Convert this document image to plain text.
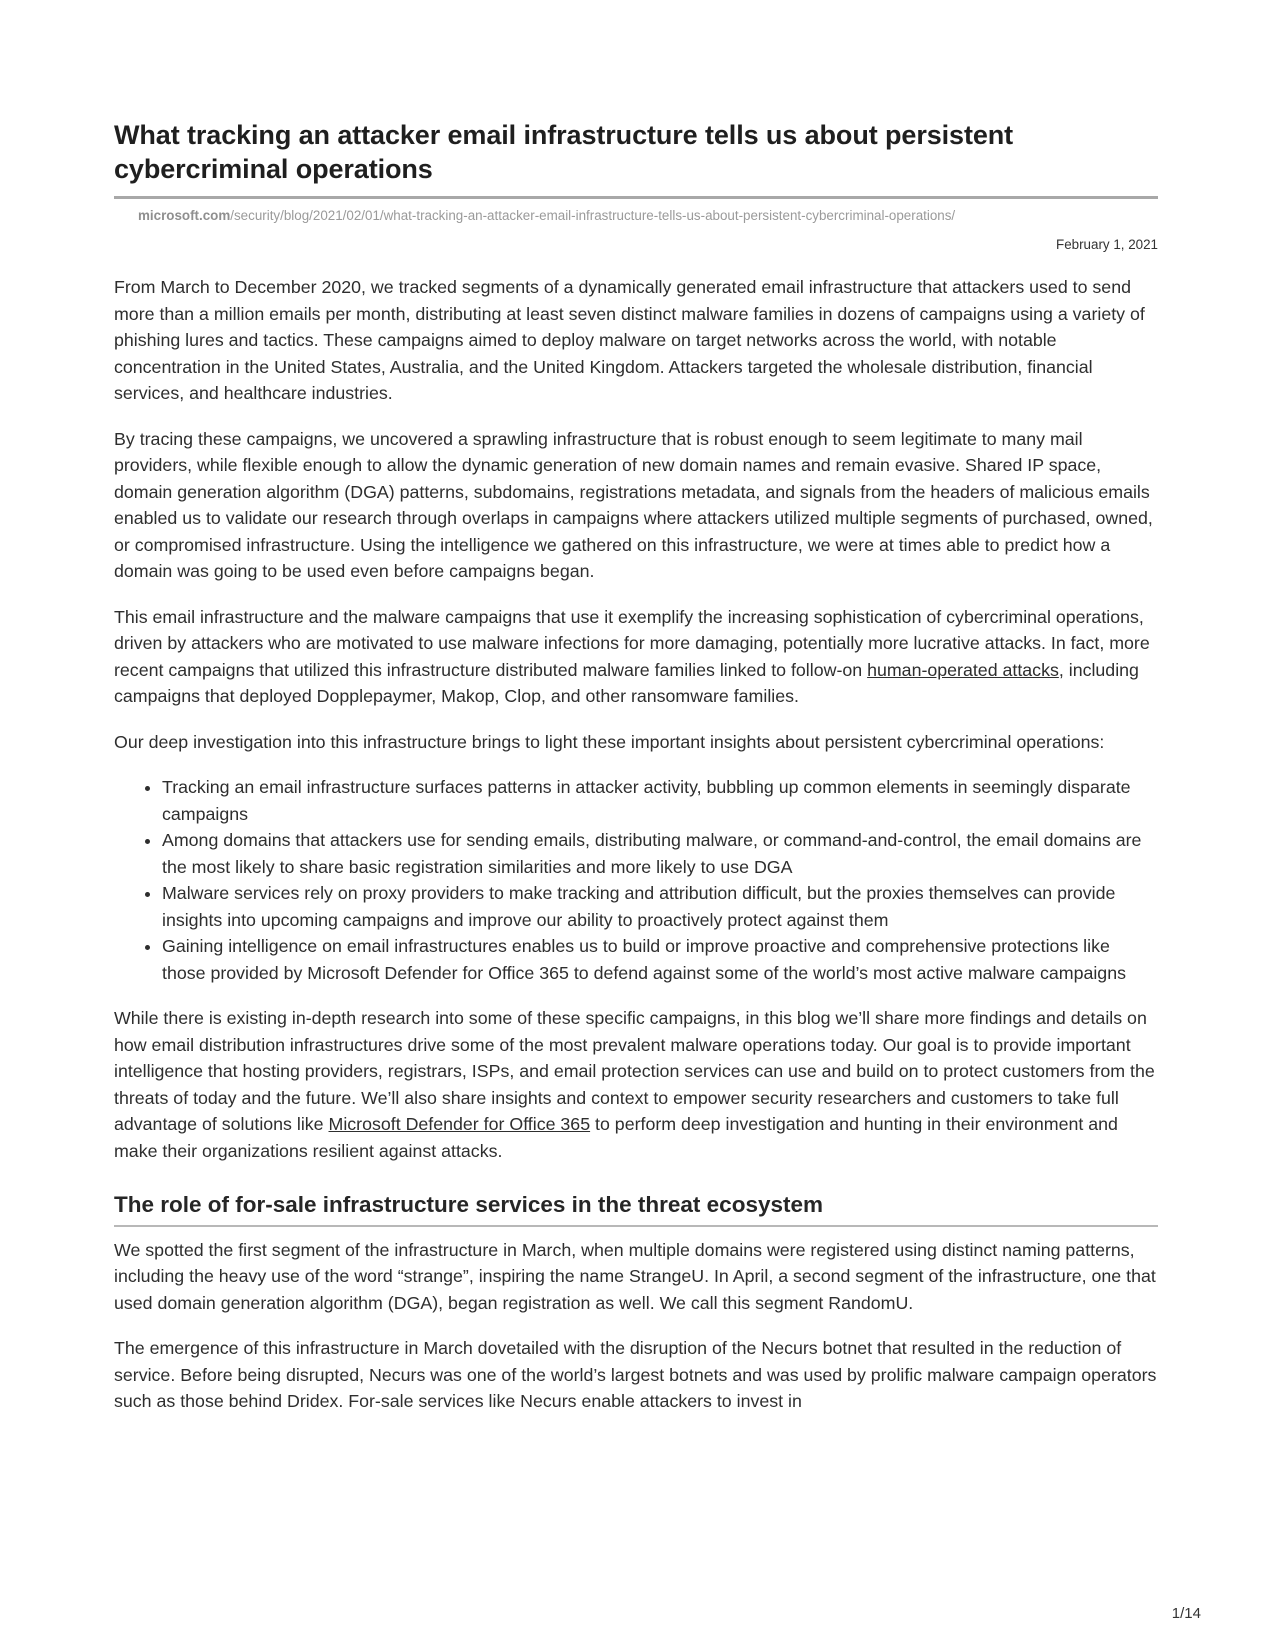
What tracking an attacker email infrastructure tells us about persistent cybercriminal operations
microsoft.com/security/blog/2021/02/01/what-tracking-an-attacker-email-infrastructure-tells-us-about-persistent-cybercriminal-operations/
February 1, 2021

From March to December 2020, we tracked segments of a dynamically generated email infrastructure that attackers used to send more than a million emails per month, distributing at least seven distinct malware families in dozens of campaigns using a variety of phishing lures and tactics. These campaigns aimed to deploy malware on target networks across the world, with notable concentration in the United States, Australia, and the United Kingdom. Attackers targeted the wholesale distribution, financial services, and healthcare industries.

By tracing these campaigns, we uncovered a sprawling infrastructure that is robust enough to seem legitimate to many mail providers, while flexible enough to allow the dynamic generation of new domain names and remain evasive. Shared IP space, domain generation algorithm (DGA) patterns, subdomains, registrations metadata, and signals from the headers of malicious emails enabled us to validate our research through overlaps in campaigns where attackers utilized multiple segments of purchased, owned, or compromised infrastructure. Using the intelligence we gathered on this infrastructure, we were at times able to predict how a domain was going to be used even before campaigns began.

This email infrastructure and the malware campaigns that use it exemplify the increasing sophistication of cybercriminal operations, driven by attackers who are motivated to use malware infections for more damaging, potentially more lucrative attacks. In fact, more recent campaigns that utilized this infrastructure distributed malware families linked to follow-on human-operated attacks, including campaigns that deployed Dopplepaymer, Makop, Clop, and other ransomware families.

Our deep investigation into this infrastructure brings to light these important insights about persistent cybercriminal operations:

• Tracking an email infrastructure surfaces patterns in attacker activity, bubbling up common elements in seemingly disparate campaigns
• Among domains that attackers use for sending emails, distributing malware, or command-and-control, the email domains are the most likely to share basic registration similarities and more likely to use DGA
• Malware services rely on proxy providers to make tracking and attribution difficult, but the proxies themselves can provide insights into upcoming campaigns and improve our ability to proactively protect against them
• Gaining intelligence on email infrastructures enables us to build or improve proactive and comprehensive protections like those provided by Microsoft Defender for Office 365 to defend against some of the world’s most active malware campaigns

While there is existing in-depth research into some of these specific campaigns, in this blog we’ll share more findings and details on how email distribution infrastructures drive some of the most prevalent malware operations today. Our goal is to provide important intelligence that hosting providers, registrars, ISPs, and email protection services can use and build on to protect customers from the threats of today and the future. We’ll also share insights and context to empower security researchers and customers to take full advantage of solutions like Microsoft Defender for Office 365 to perform deep investigation and hunting in their environment and make their organizations resilient against attacks.

The role of for-sale infrastructure services in the threat ecosystem

We spotted the first segment of the infrastructure in March, when multiple domains were registered using distinct naming patterns, including the heavy use of the word “strange”, inspiring the name StrangeU. In April, a second segment of the infrastructure, one that used domain generation algorithm (DGA), began registration as well. We call this segment RandomU.

The emergence of this infrastructure in March dovetailed with the disruption of the Necurs botnet that resulted in the reduction of service. Before being disrupted, Necurs was one of the world’s largest botnets and was used by prolific malware campaign operators such as those behind Dridex. For-sale services like Necurs enable attackers to invest in

1/14
